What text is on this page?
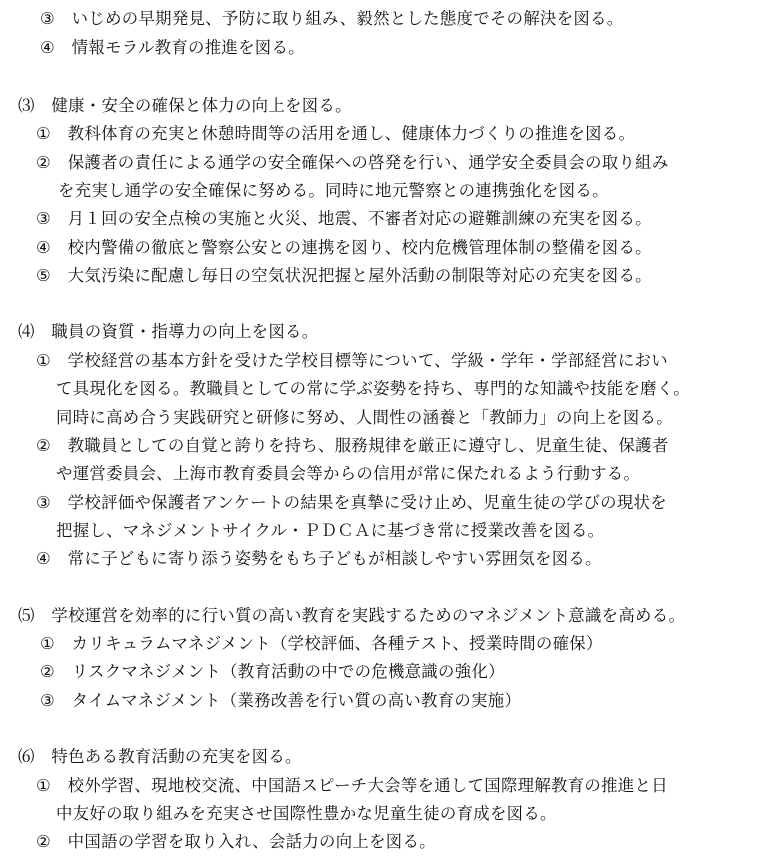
③　いじめの早期発見、予防に取り組み、毅然とした態度でその解決を図る。
④　情報モラル教育の推進を図る。
⑶　健康・安全の確保と体力の向上を図る。
①　教科体育の充実と休憩時間等の活用を通し、健康体力づくりの推進を図る。
②　保護者の責任による通学の安全確保への啓発を行い、通学安全委員会の取り組み
を充実し通学の安全確保に努める。同時に地元警察との連携強化を図る。
③　月１回の安全点検の実施と火災、地震、不審者対応の避難訓練の充実を図る。
④　校内警備の徹底と警察公安との連携を図り、校内危機管理体制の整備を図る。
⑤　大気汚染に配慮し毎日の空気状況把握と屋外活動の制限等対応の充実を図る。
⑷　職員の資質・指導力の向上を図る。
①　学校経営の基本方針を受けた学校目標等について、学級・学年・学部経営におい
て具現化を図る。教職員としての常に学ぶ姿勢を持ち、専門的な知識や技能を磨く。
同時に高め合う実践研究と研修に努め、人間性の涵養と「教師力」の向上を図る。
②　教職員としての自覚と誇りを持ち、服務規律を厳正に遵守し、児童生徒、保護者
や運営委員会、上海市教育委員会等からの信用が常に保たれるよう行動する。
③　学校評価や保護者アンケートの結果を真摯に受け止め、児童生徒の学びの現状を
把握し、マネジメントサイクル・ＰＤＣＡに基づき常に授業改善を図る。
④　常に子どもに寄り添う姿勢をもち子どもが相談しやすい雰囲気を図る。
⑸　学校運営を効率的に行い質の高い教育を実践するためのマネジメント意識を高める。
①　カリキュラムマネジメント（学校評価、各種テスト、授業時間の確保）
②　リスクマネジメント（教育活動の中での危機意識の強化）
③　タイムマネジメント（業務改善を行い質の高い教育の実施）
⑹　特色ある教育活動の充実を図る。
①　校外学習、現地校交流、中国語スピーチ大会等を通して国際理解教育の推進と日
中友好の取り組みを充実させ国際性豊かな児童生徒の育成を図る。
②　中国語の学習を取り入れ、会話力の向上を図る。
